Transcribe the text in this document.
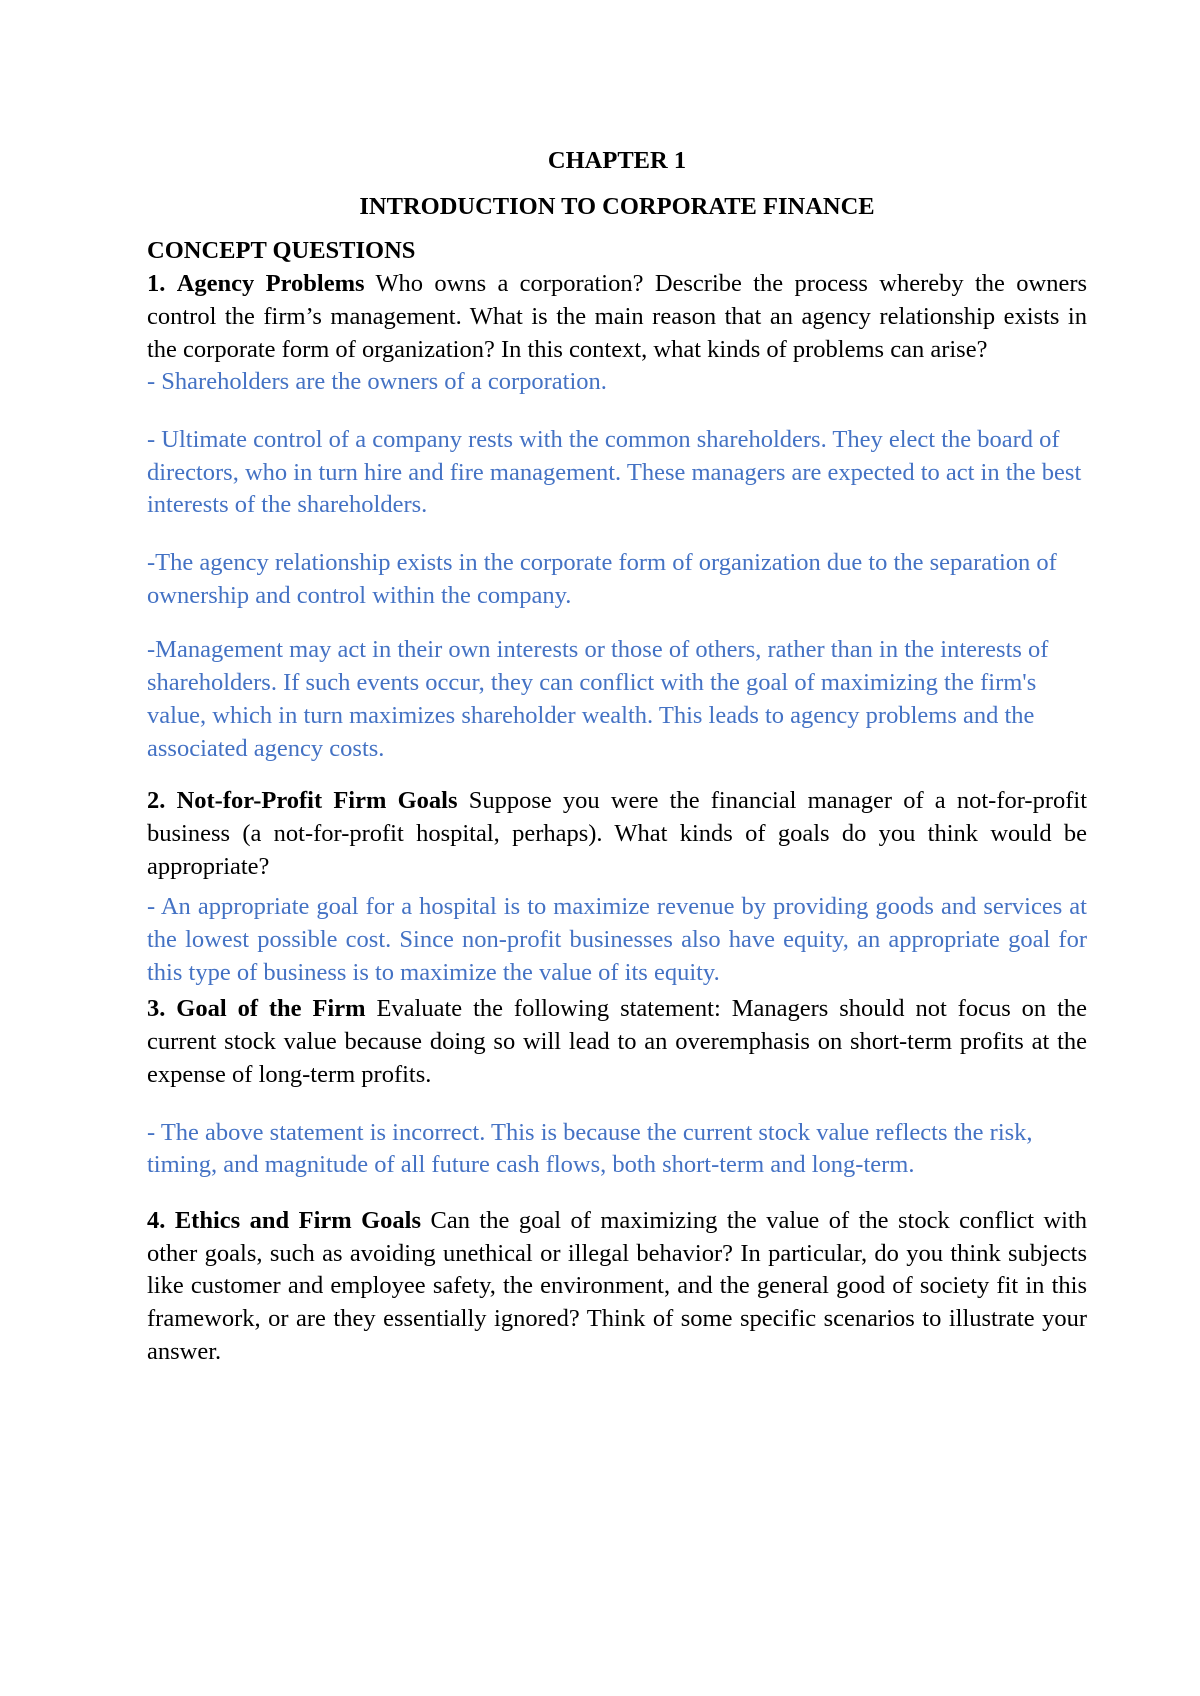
CHAPTER 1

INTRODUCTION TO CORPORATE FINANCE

CONCEPT QUESTIONS

1. Agency Problems Who owns a corporation? Describe the process whereby the owners control the firm’s management. What is the main reason that an agency relationship exists in the corporate form of organization? In this context, what kinds of problems can arise?

- Shareholders are the owners of a corporation.

- Ultimate control of a company rests with the common shareholders. They elect the board of directors, who in turn hire and fire management. These managers are expected to act in the best interests of the shareholders.

-The agency relationship exists in the corporate form of organization due to the separation of ownership and control within the company.

-Management may act in their own interests or those of others, rather than in the interests of shareholders. If such events occur, they can conflict with the goal of maximizing the firm's value, which in turn maximizes shareholder wealth. This leads to agency problems and the associated agency costs.

2. Not-for-Profit Firm Goals Suppose you were the financial manager of a not-for-profit business (a not-for-profit hospital, perhaps). What kinds of goals do you think would be appropriate?

- An appropriate goal for a hospital is to maximize revenue by providing goods and services at the lowest possible cost. Since non-profit businesses also have equity, an appropriate goal for this type of business is to maximize the value of its equity.

3. Goal of the Firm Evaluate the following statement: Managers should not focus on the current stock value because doing so will lead to an overemphasis on short-term profits at the expense of long-term profits.

- The above statement is incorrect. This is because the current stock value reflects the risk, timing, and magnitude of all future cash flows, both short-term and long-term.

4. Ethics and Firm Goals Can the goal of maximizing the value of the stock conflict with other goals, such as avoiding unethical or illegal behavior? In particular, do you think subjects like customer and employee safety, the environment, and the general good of society fit in this framework, or are they essentially ignored? Think of some specific scenarios to illustrate your answer.
